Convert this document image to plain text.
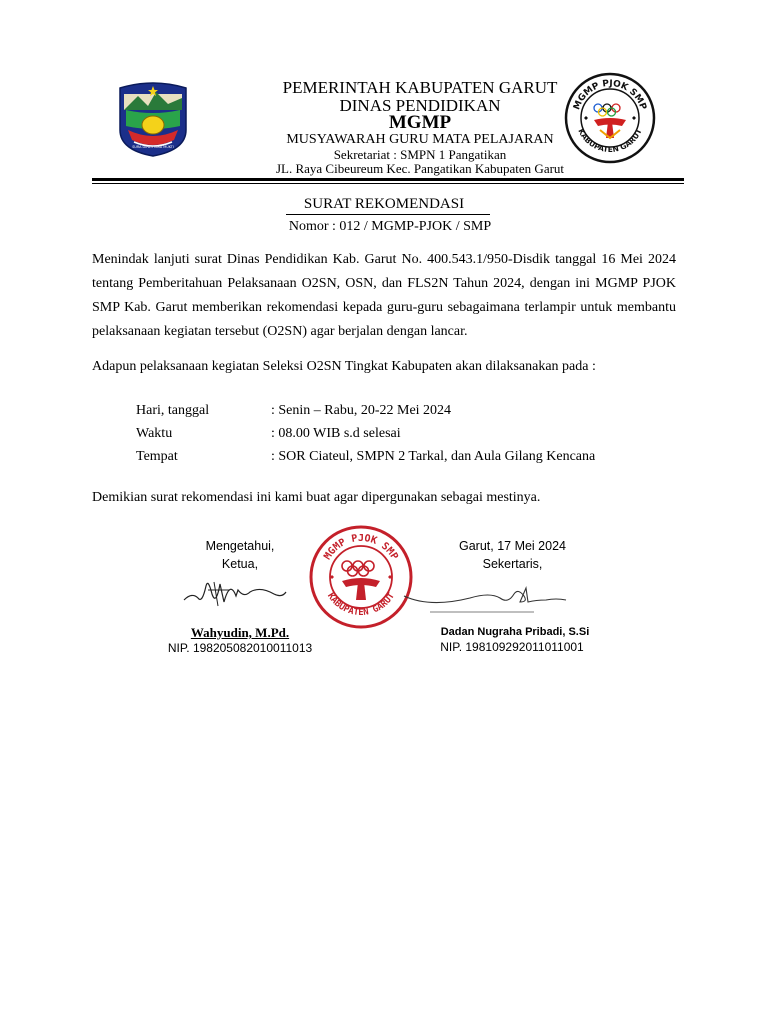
SURA DIPATI NIRA MUKTI
MGMP PJOK SMP
KABUPATEN GARUT
PEMERINTAH KABUPATEN GARUT
DINAS PENDIDIKAN
MGMP
MUSYAWARAH GURU MATA PELAJARAN
Sekretariat : SMPN 1 Pangatikan
JL. Raya Cibeureum Kec. Pangatikan Kabupaten Garut
SURAT REKOMENDASI
Nomor : 012 / MGMP-PJOK / SMP
Menindak lanjuti surat Dinas Pendidikan Kab. Garut No. 400.543.1/950-Disdik tanggal 16 Mei 2024 tentang Pemberitahuan Pelaksanaan O2SN, OSN, dan FLS2N Tahun 2024, dengan ini MGMP PJOK SMP Kab. Garut memberikan rekomendasi kepada guru-guru sebagaimana terlampir untuk membantu pelaksanaan kegiatan tersebut (O2SN) agar berjalan dengan lancar.
Adapun pelaksanaan kegiatan Seleksi O2SN Tingkat Kabupaten akan dilaksanakan pada :
Hari, tanggal	: Senin – Rabu, 20-22 Mei 2024
Waktu	: 08.00 WIB s.d selesai
Tempat	: SOR Ciateul, SMPN 2 Tarkal, dan Aula Gilang Kencana
Demikian surat rekomendasi ini kami buat agar dipergunakan sebagai mestinya.
Mengetahui,
Ketua,
Wahyudin, M.Pd.
NIP. 198205082010011013
MGMP PJOK SMP
KABUPATEN GARUT
Garut, 17 Mei 2024
Sekertaris,
Dadan Nugraha Pribadi, S.Si
NIP. 198109292011011001
